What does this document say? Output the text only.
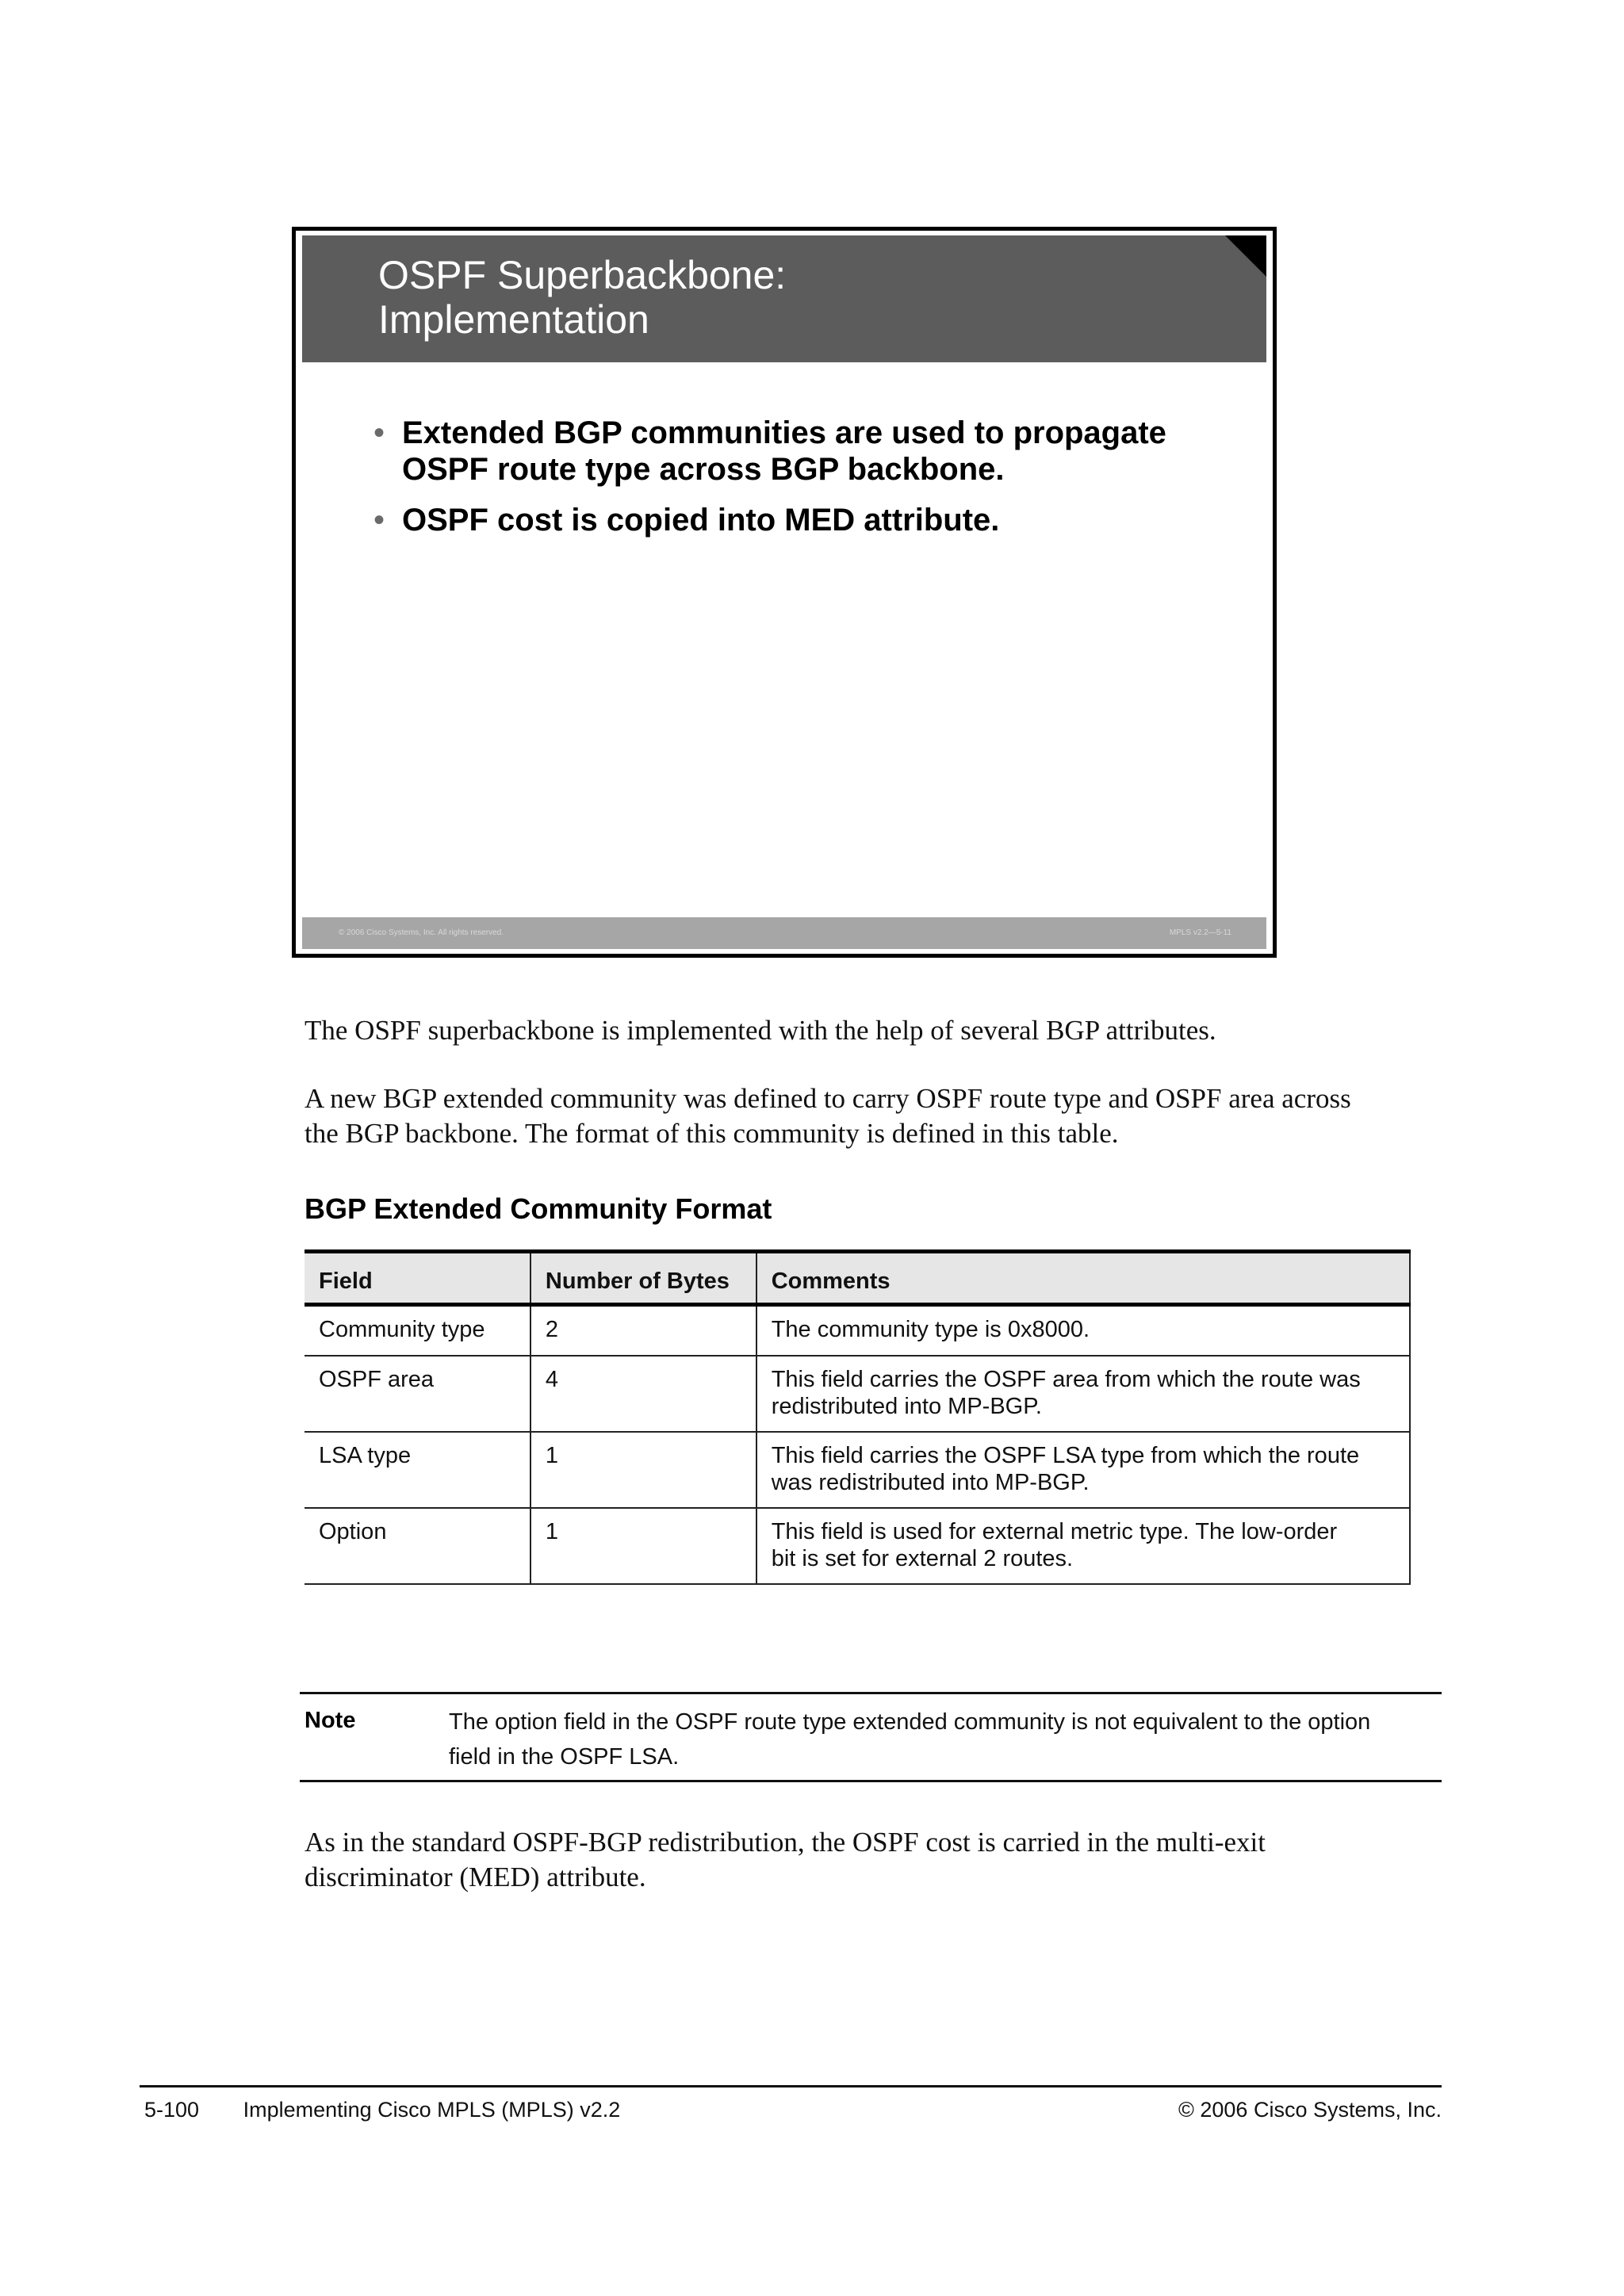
OSPF Superbackbone:
Implementation
• Extended BGP communities are used to propagate
OSPF route type across BGP backbone.
• OSPF cost is copied into MED attribute.
© 2006 Cisco Systems, Inc. All rights reserved.	MPLS v2.2—5-11
The OSPF superbackbone is implemented with the help of several BGP attributes.
A new BGP extended community was defined to carry OSPF route type and OSPF area across
the BGP backbone. The format of this community is defined in this table.
BGP Extended Community Format
Field	Number of Bytes	Comments
Community type	2	The community type is 0x8000.

OSPF area	4	This field carries the OSPF area from which the route was
redistributed into MP-BGP.

LSA type	1	This field carries the OSPF LSA type from which the route
was redistributed into MP-BGP.

Option	1	This field is used for external metric type. The low-order
bit is set for external 2 routes.
Note	The option field in the OSPF route type extended community is not equivalent to the option
field in the OSPF LSA.
As in the standard OSPF-BGP redistribution, the OSPF cost is carried in the multi-exit
discriminator (MED) attribute.
5-100 Implementing Cisco MPLS (MPLS) v2.2	© 2006 Cisco Systems, Inc.
